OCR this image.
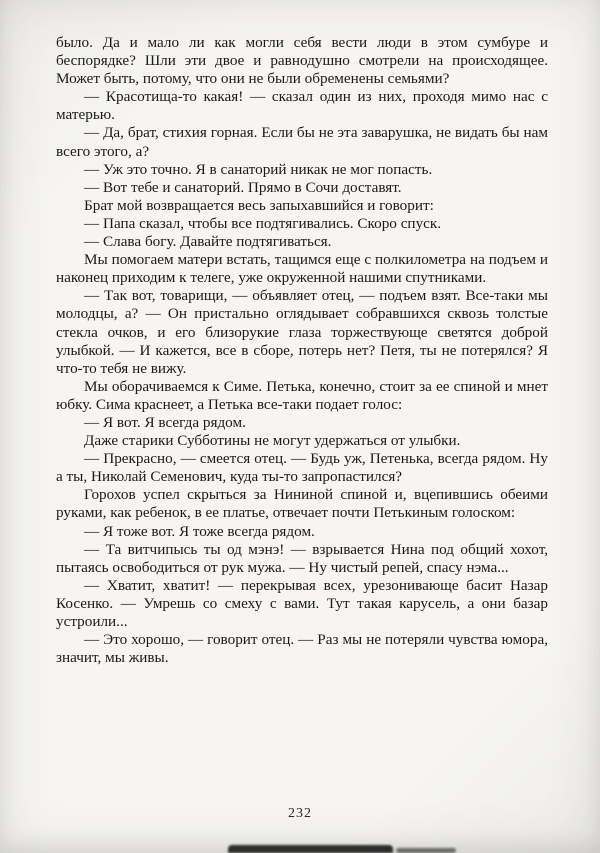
было. Да и мало ли как могли себя вести люди в этом сумбуре и беспорядке? Шли эти двое и равнодушно смотрели на происходящее. Может быть, потому, что они не были обременены семьями?

— Красотища-то какая! — сказал один из них, проходя мимо нас с матерью.

— Да, брат, стихия горная. Если бы не эта заварушка, не видать бы нам всего этого, а?

— Уж это точно. Я в санаторий никак не мог попасть.

— Вот тебе и санаторий. Прямо в Сочи доставят.

Брат мой возвращается весь запыхавшийся и говорит:

— Папа сказал, чтобы все подтягивались. Скоро спуск.

— Слава богу. Давайте подтягиваться.

Мы помогаем матери встать, тащимся еще с полкилометра на подъем и наконец приходим к телеге, уже окруженной нашими спутниками.

— Так вот, товарищи, — объявляет отец, — подъем взят. Все-таки мы молодцы, а? — Он пристально оглядывает собравшихся сквозь толстые стекла очков, и его близорукие глаза торжествующе светятся доброй улыбкой. — И кажется, все в сборе, потерь нет? Петя, ты не потерялся? Я что-то тебя не вижу.

Мы оборачиваемся к Симе. Петька, конечно, стоит за ее спиной и мнет юбку. Сима краснеет, а Петька все-таки подает голос:

— Я вот. Я всегда рядом.

Даже старики Субботины не могут удержаться от улыбки.

— Прекрасно, — смеется отец. — Будь уж, Петенька, всегда рядом. Ну а ты, Николай Семенович, куда ты-то запропастился?

Горохов успел скрыться за Нининой спиной и, вцепившись обеими руками, как ребенок, в ее платье, отвечает почти Петькиным голоском:

— Я тоже вот. Я тоже всегда рядом.

— Та витчипысь ты од мэнэ! — взрывается Нина под общий хохот, пытаясь освободиться от рук мужа. — Ну чистый репей, спасу нэма...

— Хватит, хватит! — перекрывая всех, урезонивающе басит Назар Косенко. — Умрешь со смеху с вами. Тут такая карусель, а они базар устроили...

— Это хорошо, — говорит отец. — Раз мы не потеряли чувства юмора, значит, мы живы.

232
